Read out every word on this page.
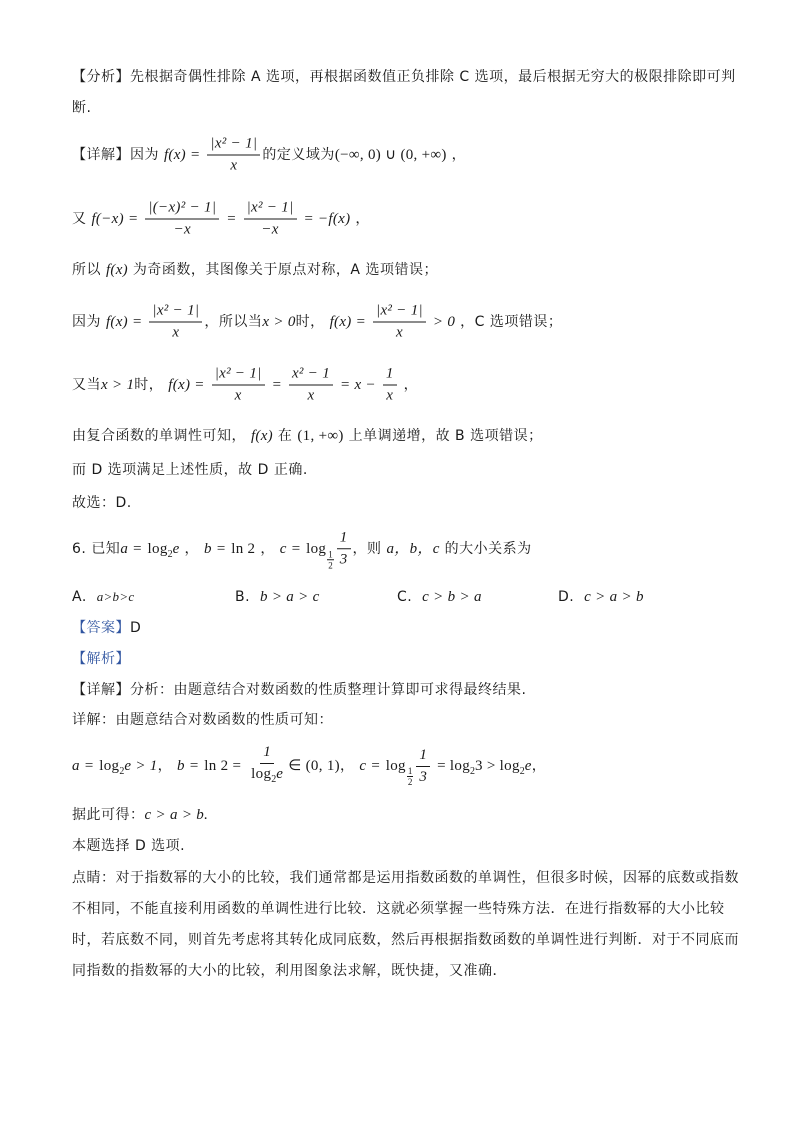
【分析】先根据奇偶性排除 A 选项，再根据函数值正负排除 C 选项，最后根据无穷大的极限排除即可判
断.
【详解】因为 $f(x) = \frac{\text{|x² − 1|}}{x}$ 的定义域为(−∞, 0) ∪ (0, +∞) ，
又 $f(-x) = \frac{\text{|(−x)² − 1|}}{-x} = \frac{\text{|x² − 1|}}{-x} = -f(x)$ ，
所以 f(x) 为奇函数，其图像关于原点对称，A 选项错误；
因为 $f(x) = \frac{\text{|x² − 1|}}{x}$ ，所以当x > 0时， $f(x) = \frac{\text{|x² − 1|}}{x} > 0$ ，C 选项错误；
又当x > 1时， $f(x) = \frac{\text{|x² − 1|}}{x} = \frac{\text{x² − 1}}{x} = x - \frac{1}{x}$ ，
由复合函数的单调性可知， f(x) 在 (1, +∞) 上单调递增，故 B 选项错误；
而 D 选项满足上述性质，故 D 正确.
故选：D.
6. 已知$a = \log_2e$ ， b = ln 2 ， c = log
$\frac{1}{2} \frac{1}{3}$ ，则 a，b，c 的大小关系为
A. a>b>c	B. b > a > c	C. c > b > a	D. c > a > b
【答案】D
【解析】
【详解】分析：由题意结合对数函数的性质整理计算即可求得最终结果.
详解：由题意结合对数函数的性质可知：
$a = \log_2e > 1$， $b = \ln 2 = \frac{1}{\log_2e}$ ∈ (0, 1)， c = log
$\frac{1}{2} \frac{1}{3} = \log_23 > \log_2e$，
据此可得：c > a > b.
本题选择 D 选项.
点睛：对于指数幂的大小的比较，我们通常都是运用指数函数的单调性，但很多时候，因幂的底数或指数
不相同，不能直接利用函数的单调性进行比较．这就必须掌握一些特殊方法．在进行指数幂的大小比较
时，若底数不同，则首先考虑将其转化成同底数，然后再根据指数函数的单调性进行判断．对于不同底而
同指数的指数幂的大小的比较，利用图象法求解，既快捷，又准确．
